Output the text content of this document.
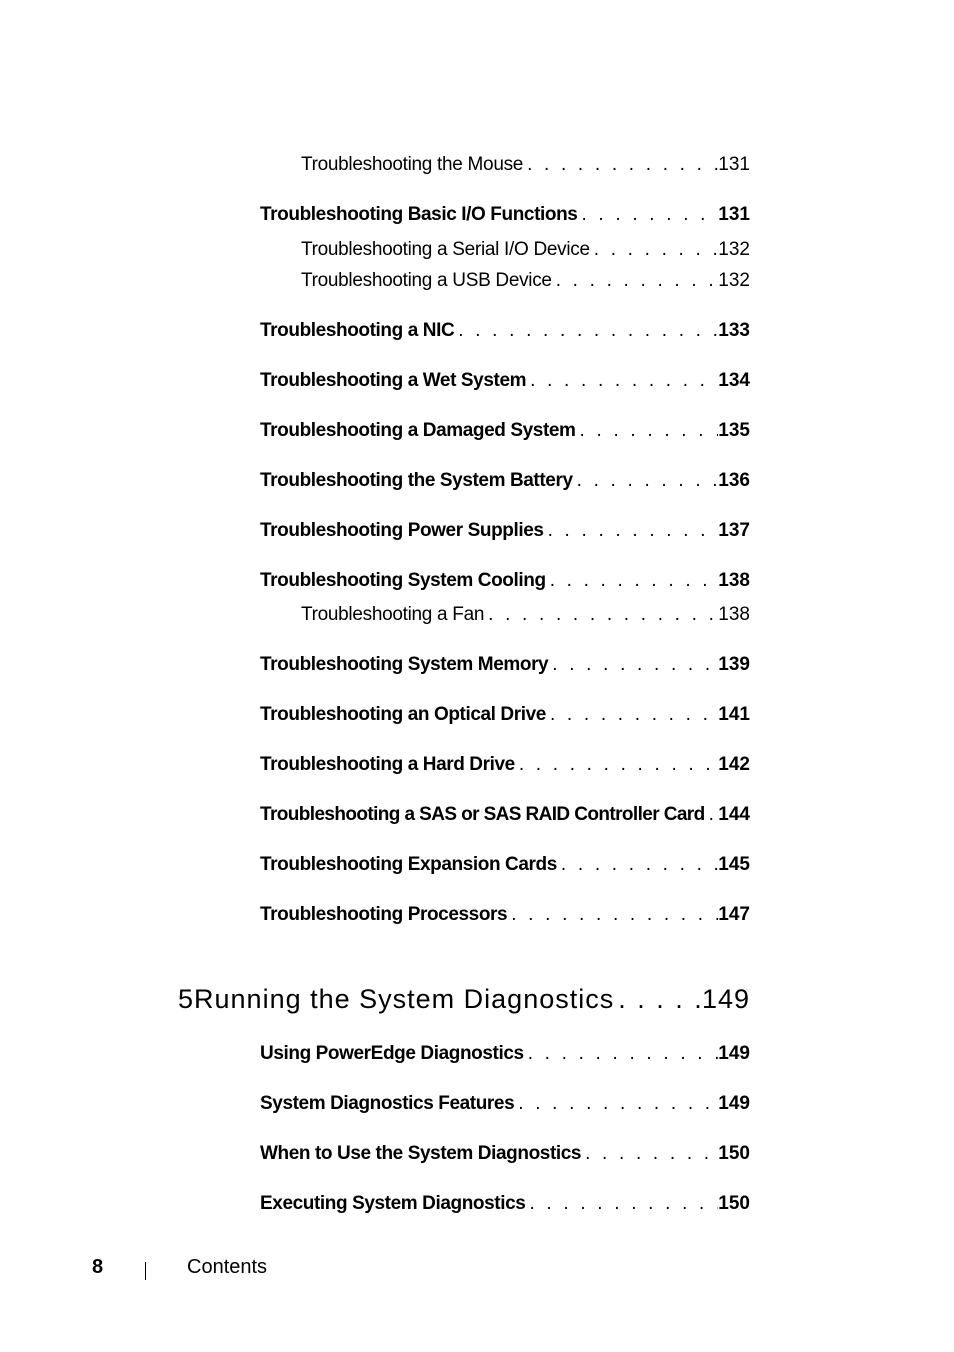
Troubleshooting the Mouse . . .	131
Troubleshooting Basic I/O Functions . . .	131
Troubleshooting a Serial I/O Device . . .	132
Troubleshooting a USB Device . . .	132
Troubleshooting a NIC . . .	133
Troubleshooting a Wet System . . .	134
Troubleshooting a Damaged System . . .	135
Troubleshooting the System Battery . . .	136
Troubleshooting Power Supplies . . .	137
Troubleshooting System Cooling . . .	138
Troubleshooting a Fan . . .	138
Troubleshooting System Memory . . .	139
Troubleshooting an Optical Drive . . .	141
Troubleshooting a Hard Drive . . .	142
Troubleshooting a SAS or SAS RAID Controller Card . . . 144
Troubleshooting Expansion Cards . . .	145
Troubleshooting Processors . . .	147
5 Running the System Diagnostics . . .	149
Using PowerEdge Diagnostics . . .	149
System Diagnostics Features . . .	149
When to Use the System Diagnostics . . .	150
Executing System Diagnostics . . .	150
8	Contents
